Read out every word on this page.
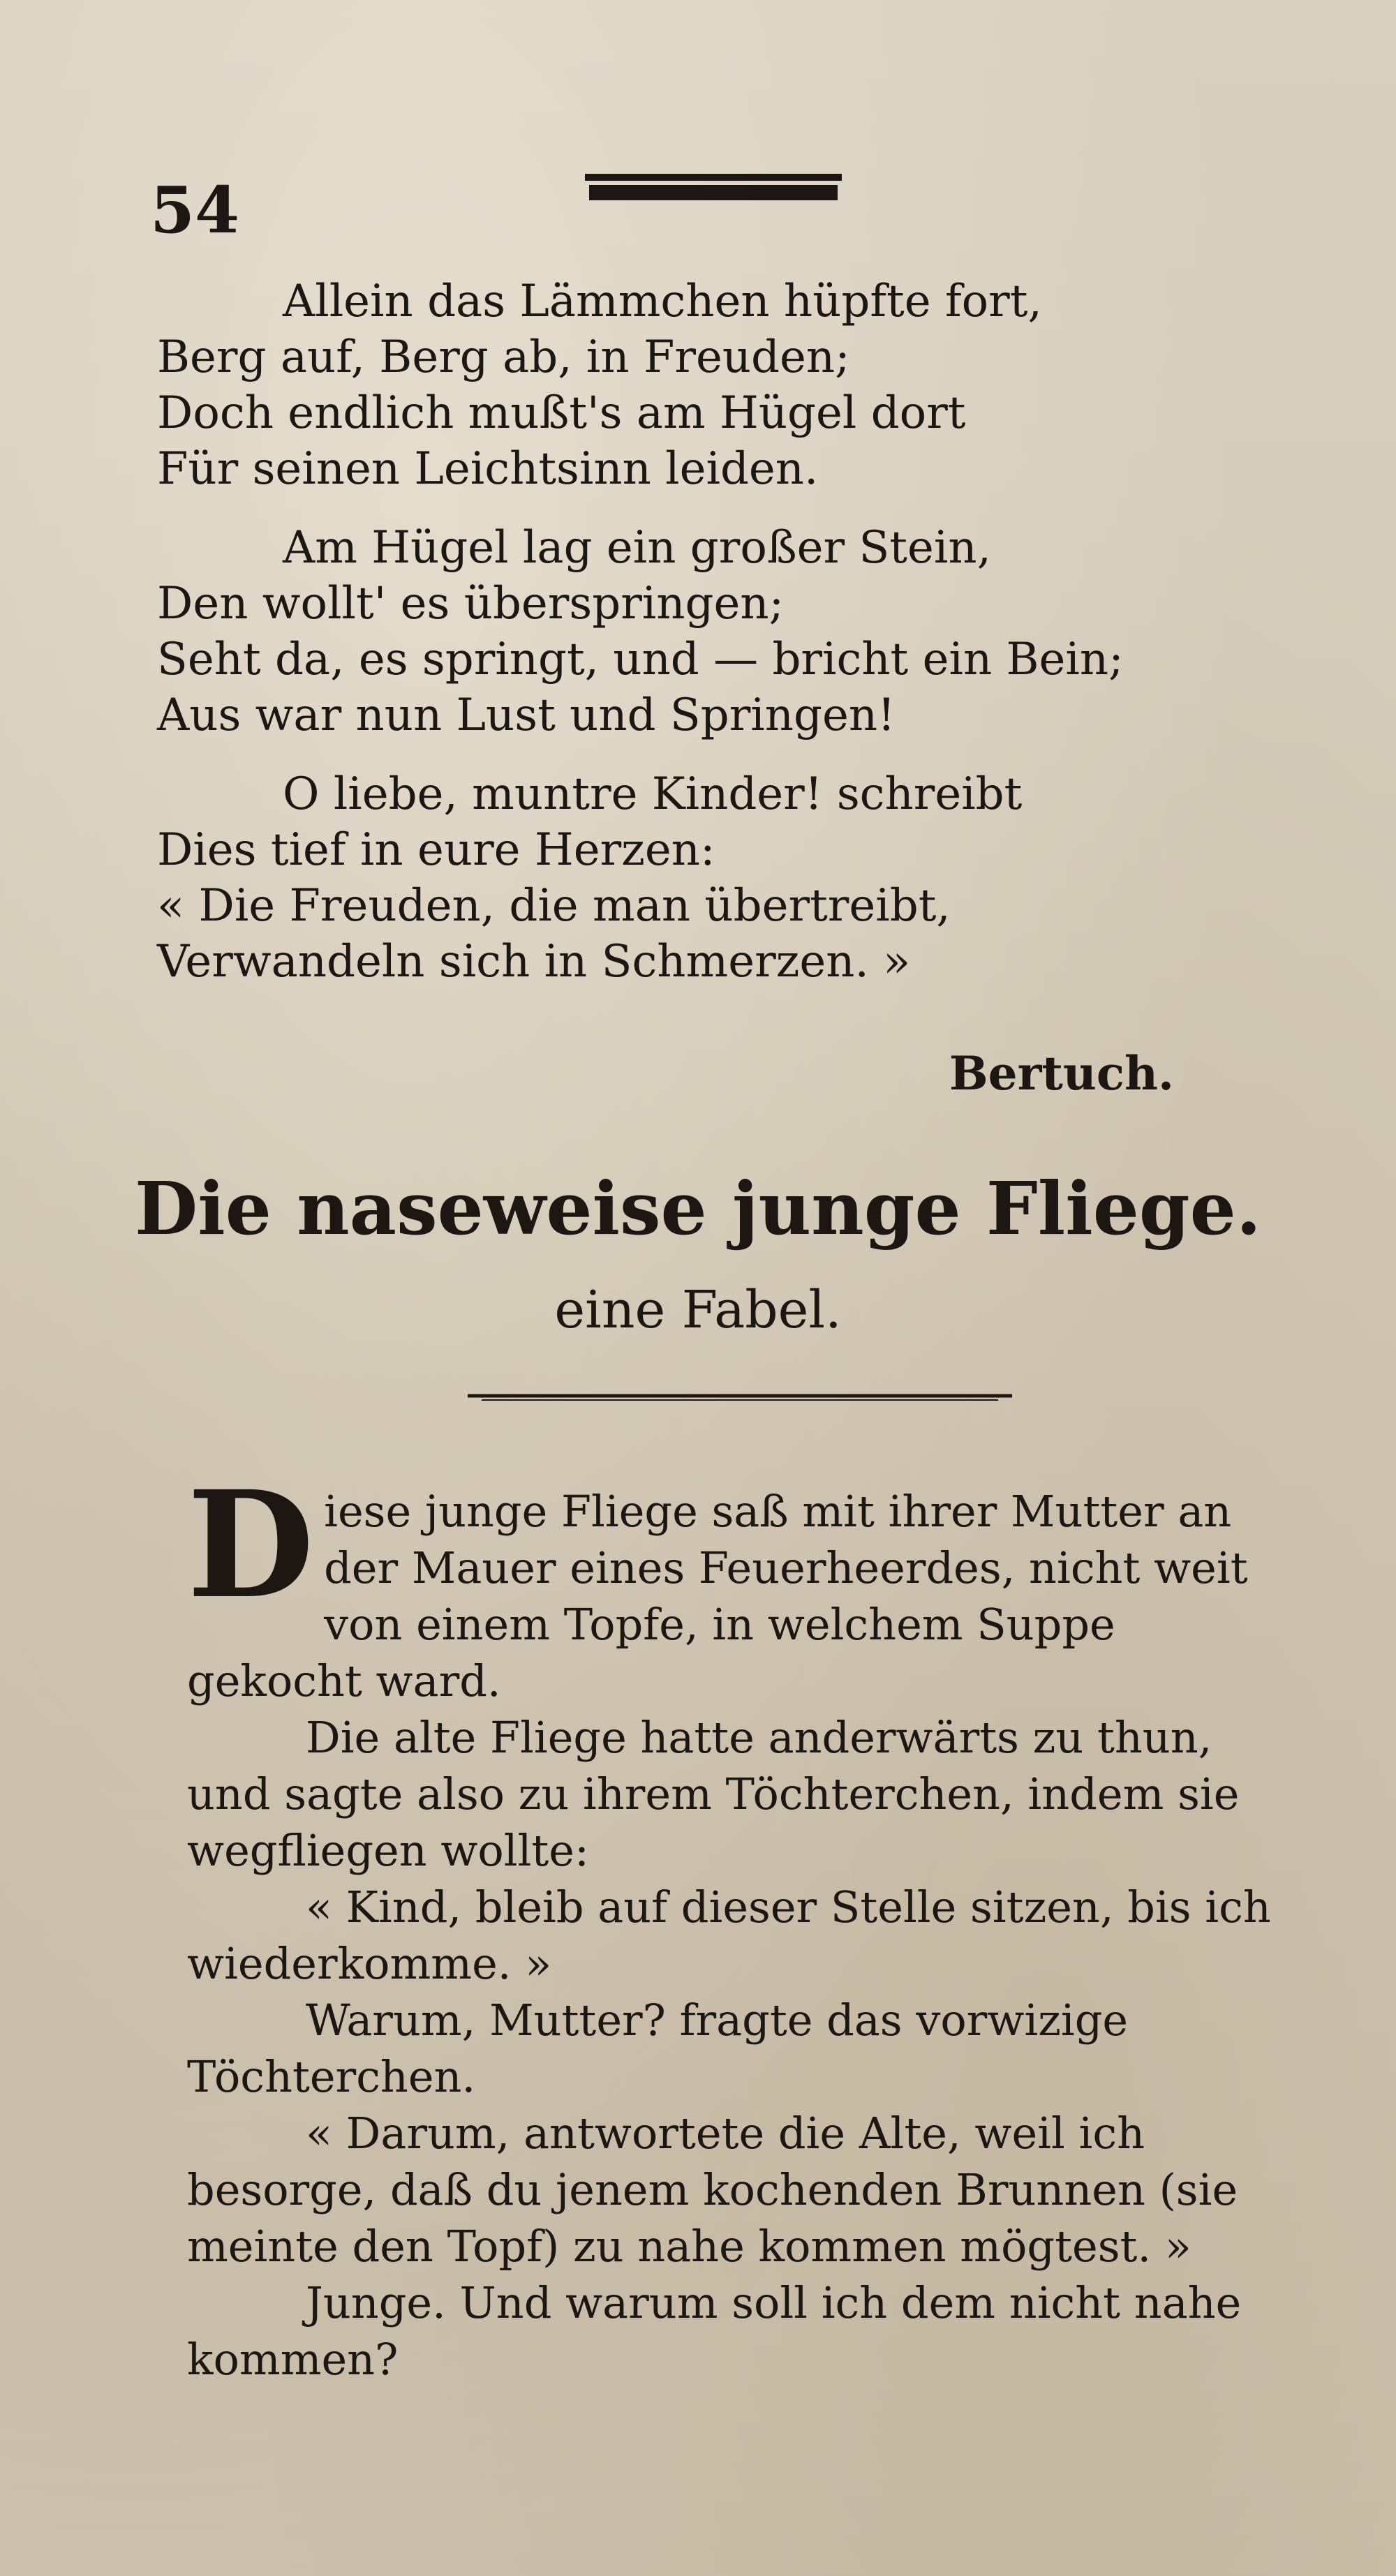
54
Allein das Lämmchen hüpfte fort,
Berg auf, Berg ab, in Freuden;
Doch endlich mußt's am Hügel dort
Für seinen Leichtsinn leiden.
Am Hügel lag ein großer Stein,
Den wollt' es überspringen;
Seht da, es springt, und — bricht ein Bein;
Aus war nun Lust und Springen!
O liebe, muntre Kinder! schreibt
Dies tief in eure Herzen:
« Die Freuden, die man übertreibt,
Verwandeln sich in Schmerzen. »
Bertuch.
Die naseweise junge Fliege.
eine Fabel.

Diese junge Fliege saß mit ihrer Mutter an der Mauer eines Feuerheerdes, nicht weit von einem Topfe, in welchem Suppe gekocht ward.

Die alte Fliege hatte anderwärts zu thun, und sagte also zu ihrem Töchterchen, indem sie wegfliegen wollte:

« Kind, bleib auf dieser Stelle sitzen, bis ich wiederkomme. »

Warum, Mutter? fragte das vorwizige Töchterchen.

« Darum, antwortete die Alte, weil ich besorge, daß du jenem kochenden Brunnen (sie meinte den Topf) zu nahe kommen mögtest. »

Junge. Und warum soll ich dem nicht nahe kommen?
